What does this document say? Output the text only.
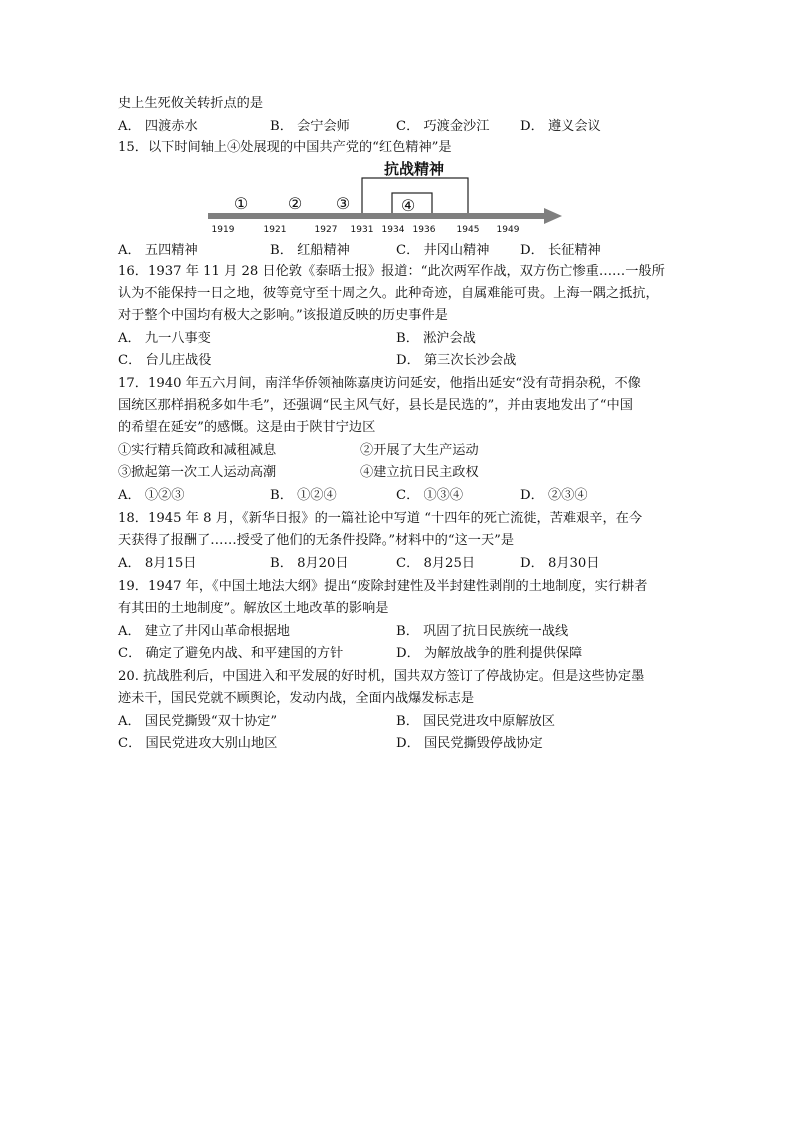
史上生死攸关转折点的是
A． 四渡赤水	B． 会宁会师	C． 巧渡金沙江 D． 遵义会议
15．以下时间轴上④处展现的中国共产党的“红色精神”是
抗战精神
① ② ③	④
1919	1921	1927 1931 1934 1936 1945 1949
A． 五四精神	B． 红船精神	C． 井冈山精神 D． 长征精神
16．1937 年 11 月 28 日伦敦《泰晤士报》报道：“此次两军作战，双方伤亡惨重……一般所
认为不能保持一日之地，彼等竟守至十周之久。此种奇迹，自属难能可贵。上海一隅之抵抗，
对于整个中国均有极大之影响。”该报道反映的历史事件是
A． 九一八事变	B． 淞沪会战
C． 台儿庄战役	D． 第三次长沙会战
17．1940 年五六月间，南洋华侨领袖陈嘉庚访问延安，他指出延安“没有苛捐杂税，不像
国统区那样捐税多如牛毛”，还强调“民主风气好，县长是民选的”，并由衷地发出了“中国
的希望在延安”的感慨。这是由于陕甘宁边区
①实行精兵简政和减租减息	②开展了大生产运动
③掀起第一次工人运动高潮	④建立抗日民主政权
A． ①②③	B． ①②④	C． ①③④	D． ②③④
18．1945 年 8 月，《新华日报》的一篇社论中写道 “十四年的死亡流徙，苦难艰辛，在今
天获得了报酬了……授受了他们的无条件投降。”材料中的“这一天”是
A． 8月15日	B． 8月20日	C． 8月25日	D． 8月30日
19．1947 年，《中国土地法大纲》提出“废除封建性及半封建性剥削的土地制度，实行耕者
有其田的土地制度”。解放区土地改革的影响是
A． 建立了井冈山革命根据地	B． 巩固了抗日民族统一战线
C． 确定了避免内战、和平建国的方针	D． 为解放战争的胜利提供保障
20. 抗战胜利后，中国进入和平发展的好时机，国共双方签订了停战协定。但是这些协定墨
迹未干，国民党就不顾舆论，发动内战，全面内战爆发标志是
A． 国民党撕毁“双十协定”	B． 国民党进攻中原解放区
C． 国民党进攻大别山地区	D． 国民党撕毁停战协定
